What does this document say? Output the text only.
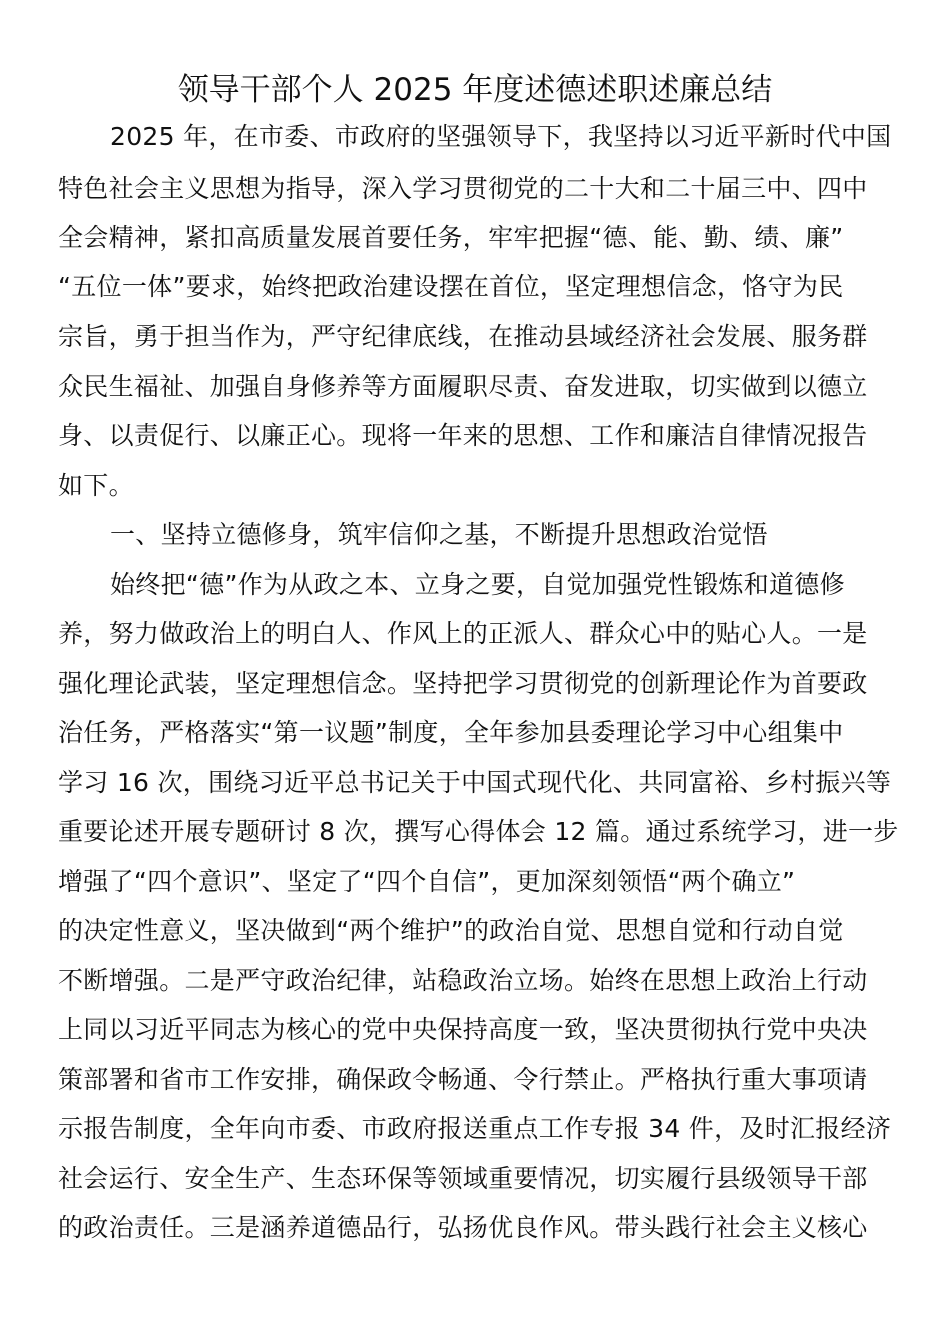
领导干部个人 2025 年度述德述职述廉总结
2025 年，在市委、市政府的坚强领导下，我坚持以习近平新时代中国
特色社会主义思想为指导，深入学习贯彻党的二十大和二十届三中、四中
全会精神，紧扣高质量发展首要任务，牢牢把握“德、能、勤、绩、廉”
“五位一体”要求，始终把政治建设摆在首位，坚定理想信念，恪守为民
宗旨，勇于担当作为，严守纪律底线，在推动县域经济社会发展、服务群
众民生福祉、加强自身修养等方面履职尽责、奋发进取，切实做到以德立
身、以责促行、以廉正心。现将一年来的思想、工作和廉洁自律情况报告
如下。
一、坚持立德修身，筑牢信仰之基，不断提升思想政治觉悟
始终把“德”作为从政之本、立身之要，自觉加强党性锻炼和道德修
养，努力做政治上的明白人、作风上的正派人、群众心中的贴心人。一是
强化理论武装，坚定理想信念。坚持把学习贯彻党的创新理论作为首要政
治任务，严格落实“第一议题”制度，全年参加县委理论学习中心组集中
学习 16 次，围绕习近平总书记关于中国式现代化、共同富裕、乡村振兴等
重要论述开展专题研讨 8 次，撰写心得体会 12 篇。通过系统学习，进一步
增强了“四个意识”、坚定了“四个自信”，更加深刻领悟“两个确立”
的决定性意义，坚决做到“两个维护”的政治自觉、思想自觉和行动自觉
不断增强。二是严守政治纪律，站稳政治立场。始终在思想上政治上行动
上同以习近平同志为核心的党中央保持高度一致，坚决贯彻执行党中央决
策部署和省市工作安排，确保政令畅通、令行禁止。严格执行重大事项请
示报告制度，全年向市委、市政府报送重点工作专报 34 件，及时汇报经济
社会运行、安全生产、生态环保等领域重要情况，切实履行县级领导干部
的政治责任。三是涵养道德品行，弘扬优良作风。带头践行社会主义核心
